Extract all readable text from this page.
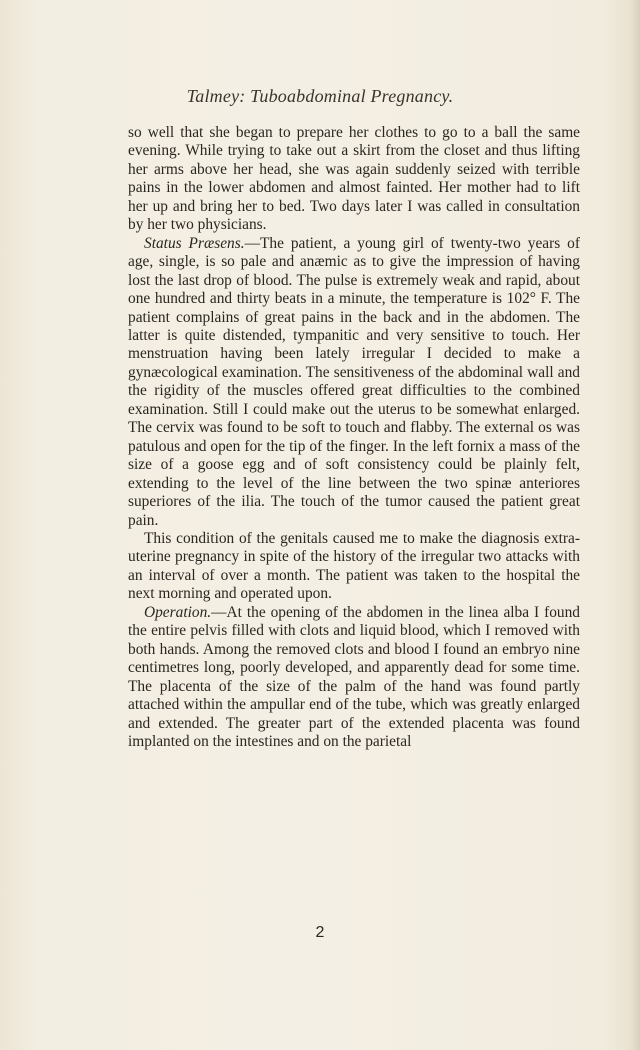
Talmey: Tuboabdominal Pregnancy.

so well that she began to prepare her clothes to go to a ball the same evening. While trying to take out a skirt from the closet and thus lifting her arms above her head, she was again suddenly seized with terrible pains in the lower abdomen and almost fainted. Her mother had to lift her up and bring her to bed. Two days later I was called in consultation by her two physicians.

Status Præsens.—The patient, a young girl of twenty-two years of age, single, is so pale and anæmic as to give the impression of having lost the last drop of blood. The pulse is extremely weak and rapid, about one hundred and thirty beats in a minute, the temperature is 102° F. The patient complains of great pains in the back and in the abdomen. The latter is quite distended, tympanitic and very sensitive to touch. Her menstruation having been lately irregular I decided to make a gynæcological examination. The sensitiveness of the abdominal wall and the rigidity of the muscles offered great difficulties to the combined examination. Still I could make out the uterus to be somewhat enlarged. The cervix was found to be soft to touch and flabby. The external os was patulous and open for the tip of the finger. In the left fornix a mass of the size of a goose egg and of soft consistency could be plainly felt, extending to the level of the line between the two spinæ anteriores superiores of the ilia. The touch of the tumor caused the patient great pain.

This condition of the genitals caused me to make the diagnosis extra-uterine pregnancy in spite of the history of the irregular two attacks with an interval of over a month. The patient was taken to the hospital the next morning and operated upon.

Operation.—At the opening of the abdomen in the linea alba I found the entire pelvis filled with clots and liquid blood, which I removed with both hands. Among the removed clots and blood I found an embryo nine centimetres long, poorly developed, and apparently dead for some time. The placenta of the size of the palm of the hand was found partly attached within the ampullar end of the tube, which was greatly enlarged and extended. The greater part of the extended placenta was found implanted on the intestines and on the parietal

2
